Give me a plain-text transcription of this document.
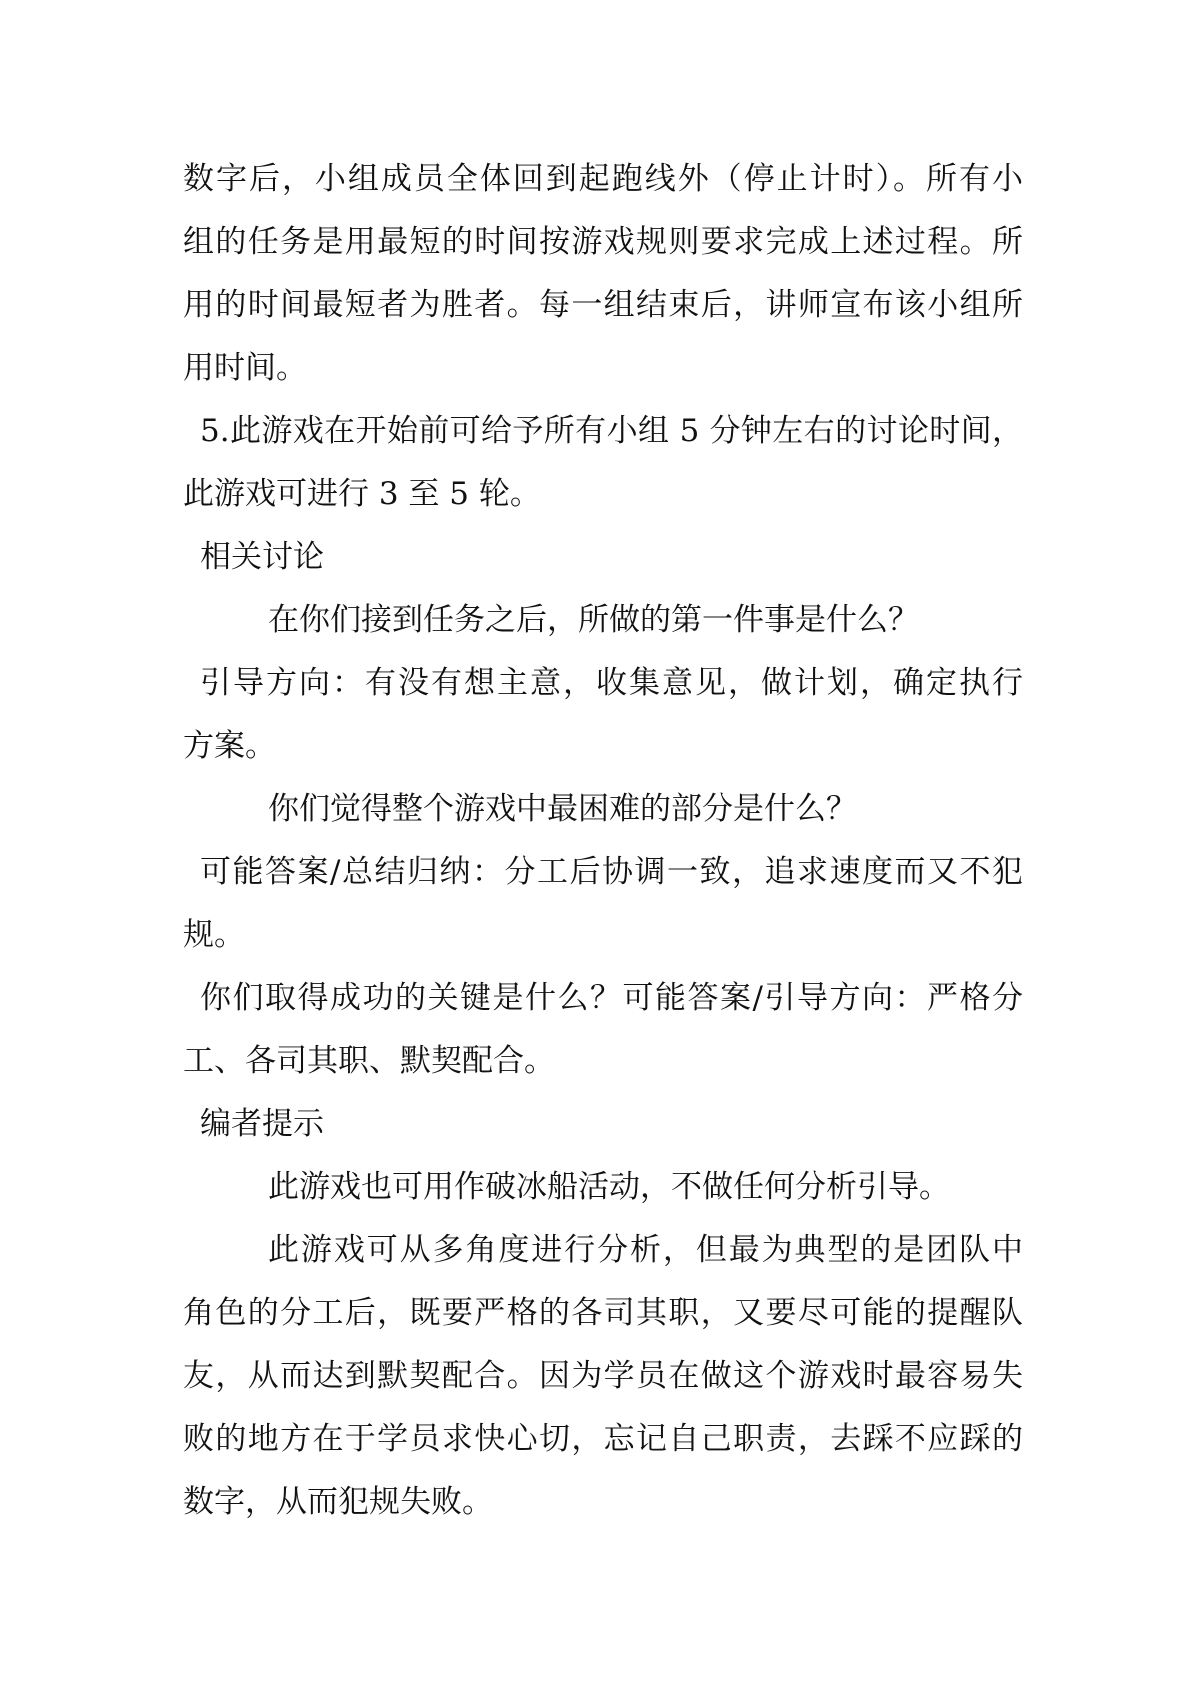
数字后，小组成员全体回到起跑线外（停止计时）。所有小
组的任务是用最短的时间按游戏规则要求完成上述过程。所
用的时间最短者为胜者。每一组结束后，讲师宣布该小组所
用时间。
5.此游戏在开始前可给予所有小组 5 分钟左右的讨论时间，
此游戏可进行 3 至 5 轮。
相关讨论
在你们接到任务之后，所做的第一件事是什么？
引导方向：有没有想主意，收集意见，做计划，确定执行
方案。
你们觉得整个游戏中最困难的部分是什么？
可能答案/总结归纳：分工后协调一致，追求速度而又不犯
规。
你们取得成功的关键是什么？可能答案/引导方向：严格分
工、各司其职、默契配合。
编者提示
此游戏也可用作破冰船活动，不做任何分析引导。
此游戏可从多角度进行分析，但最为典型的是团队中
角色的分工后，既要严格的各司其职，又要尽可能的提醒队
友，从而达到默契配合。因为学员在做这个游戏时最容易失
败的地方在于学员求快心切，忘记自己职责，去踩不应踩的
数字，从而犯规失败。
